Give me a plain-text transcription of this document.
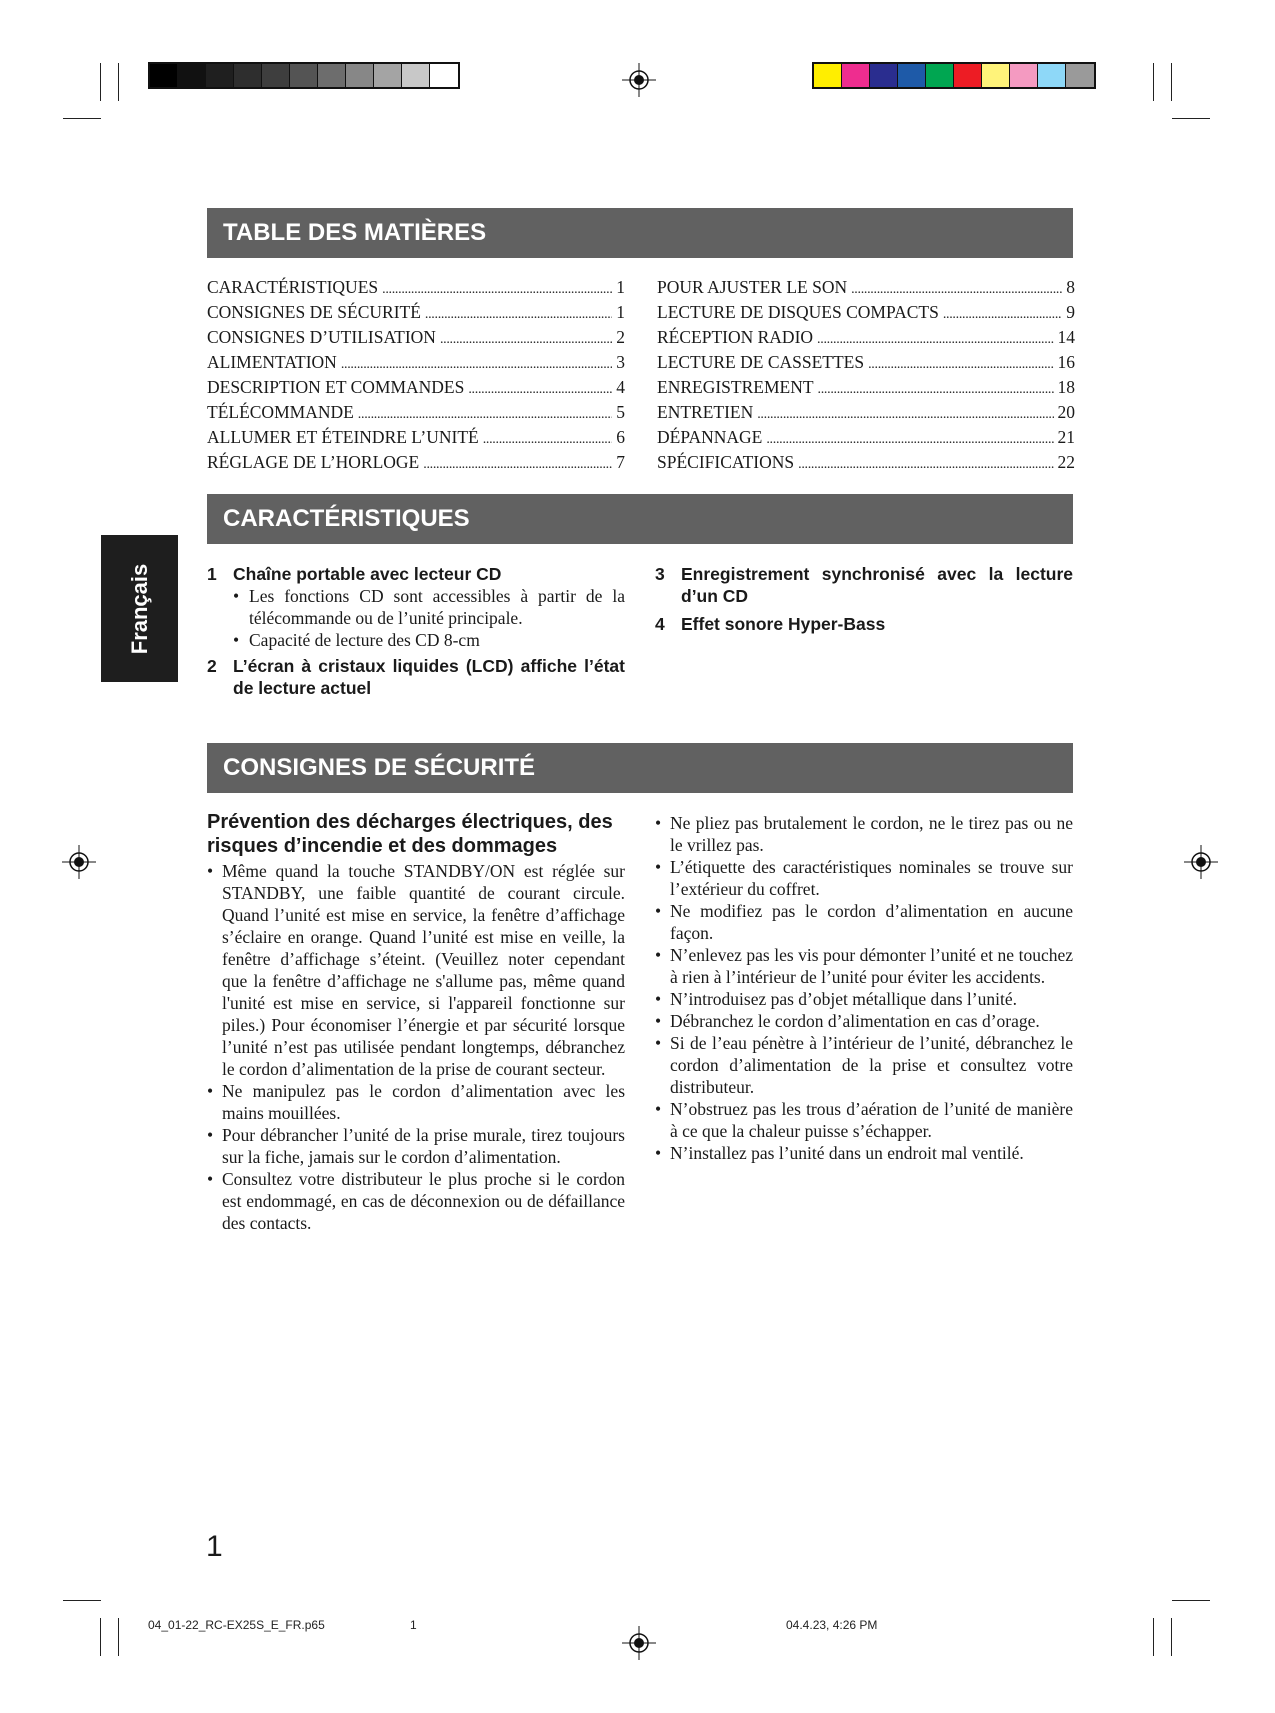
Français
TABLE DES MATIÈRES
CARACTÉRISTIQUES . . .	1
CONSIGNES DE SÉCURITÉ . . .	1
CONSIGNES D’UTILISATION . . .	2
ALIMENTATION . . .	3
DESCRIPTION ET COMMANDES . . .	4
TÉLÉCOMMANDE . . .	5
ALLUMER ET ÉTEINDRE L’UNITÉ . . .	6
RÉGLAGE DE L’HORLOGE . . .	7
POUR AJUSTER LE SON . . .	8
LECTURE DE DISQUES COMPACTS . . .	9
RÉCEPTION RADIO . . .	14
LECTURE DE CASSETTES . . .	16
ENREGISTREMENT . . .	18
ENTRETIEN . . .	20
DÉPANNAGE . . .	21
SPÉCIFICATIONS . . .	22
CARACTÉRISTIQUES
1 Chaîne portable avec lecteur CD
• Les fonctions CD sont accessibles à partir de la télécommande ou de l’unité principale.
• Capacité de lecture des CD 8-cm
2 L’écran à cristaux liquides (LCD) affiche l’état de lecture actuel
3 Enregistrement synchronisé avec la lecture d’un CD
4 Effet sonore Hyper-Bass
CONSIGNES DE SÉCURITÉ
Prévention des décharges électriques, des risques d’incendie et des dommages
• Même quand la touche STANDBY/ON est réglée sur STANDBY, une faible quantité de courant circule. Quand l’unité est mise en service, la fenêtre d’affichage s’éclaire en orange. Quand l’unité est mise en veille, la fenêtre d’affichage s’éteint. (Veuillez noter cependant que la fenêtre d’affichage ne s'allume pas, même quand l'unité est mise en service, si l'appareil fonctionne sur piles.) Pour économiser l’énergie et par sécurité lorsque l’unité n’est pas utilisée pendant longtemps, débranchez le cordon d’alimentation de la prise de courant secteur.
• Ne manipulez pas le cordon d’alimentation avec les mains mouillées.
• Pour débrancher l’unité de la prise murale, tirez toujours sur la fiche, jamais sur le cordon d’alimentation.
• Consultez votre distributeur le plus proche si le cordon est endommagé, en cas de déconnexion ou de défaillance des contacts.
• Ne pliez pas brutalement le cordon, ne le tirez pas ou ne le vrillez pas.
• L’étiquette des caractéristiques nominales se trouve sur l’extérieur du coffret.
• Ne modifiez pas le cordon d’alimentation en aucune façon.
• N’enlevez pas les vis pour démonter l’unité et ne touchez à rien à l’intérieur de l’unité pour éviter les accidents.
• N’introduisez pas d’objet métallique dans l’unité.
• Débranchez le cordon d’alimentation en cas d’orage.
• Si de l’eau pénètre à l’intérieur de l’unité, débranchez le cordon d’alimentation de la prise et consultez votre distributeur.
• N’obstruez pas les trous d’aération de l’unité de manière à ce que la chaleur puisse s’échapper.
• N’installez pas l’unité dans un endroit mal ventilé.
1
04_01-22_RC-EX25S_E_FR.p65	1	04.4.23, 4:26 PM
